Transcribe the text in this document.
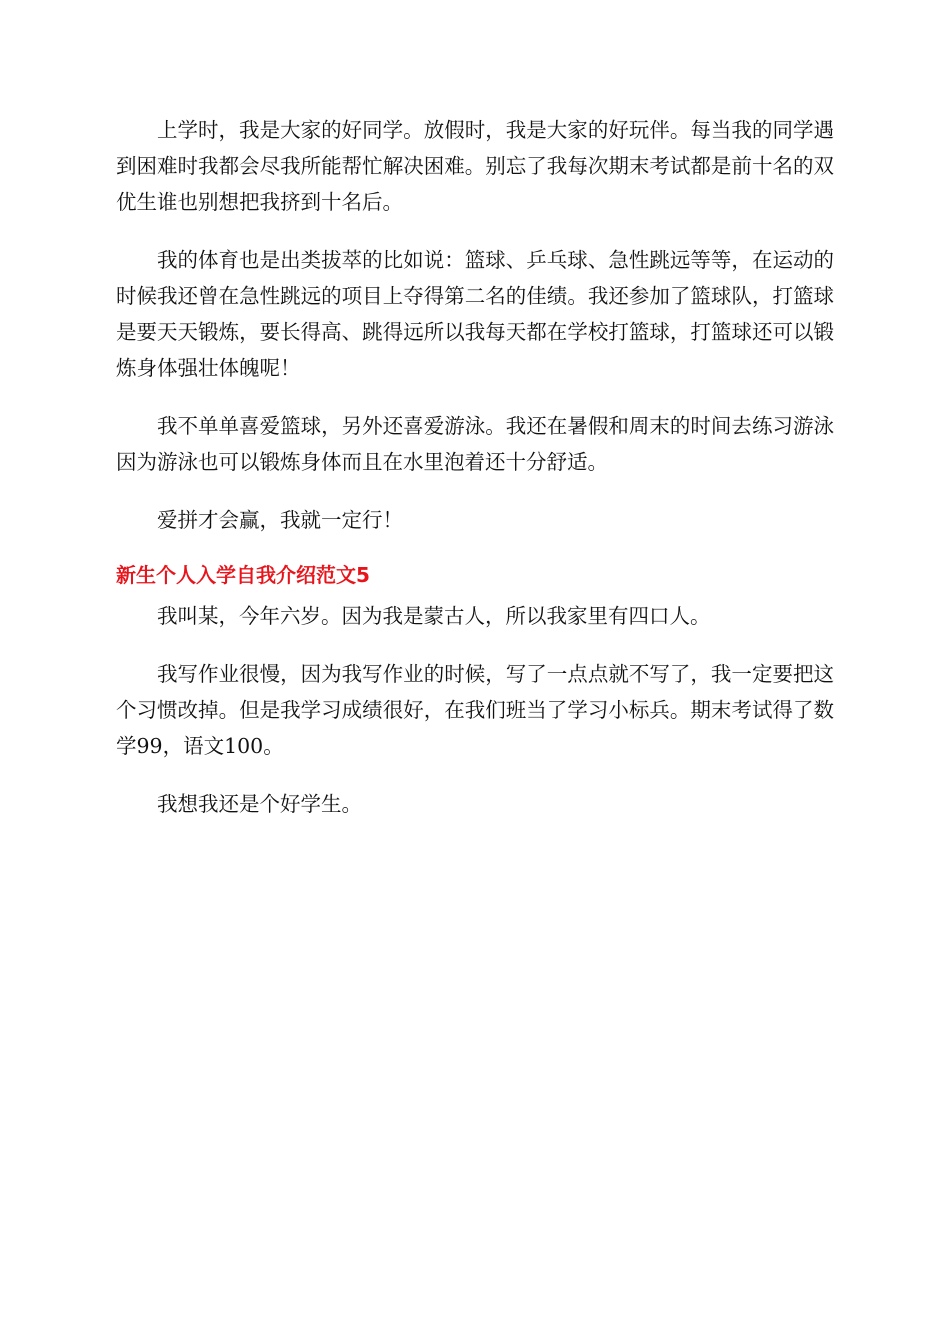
上学时，我是大家的好同学。放假时，我是大家的好玩伴。每当我的同学遇到困难时我都会尽我所能帮忙解决困难。别忘了我每次期末考试都是前十名的双优生谁也别想把我挤到十名后。

我的体育也是出类拔萃的比如说：篮球、乒乓球、急性跳远等等，在运动的时候我还曾在急性跳远的项目上夺得第二名的佳绩。我还参加了篮球队，打篮球是要天天锻炼，要长得高、跳得远所以我每天都在学校打篮球，打篮球还可以锻炼身体强壮体魄呢！

我不单单喜爱篮球，另外还喜爱游泳。我还在暑假和周末的时间去练习游泳因为游泳也可以锻炼身体而且在水里泡着还十分舒适。

爱拼才会赢，我就一定行！

新生个人入学自我介绍范文5

我叫某，今年六岁。因为我是蒙古人，所以我家里有四口人。

我写作业很慢，因为我写作业的时候，写了一点点就不写了，我一定要把这个习惯改掉。但是我学习成绩很好，在我们班当了学习小标兵。期末考试得了数学99，语文100。

我想我还是个好学生。
